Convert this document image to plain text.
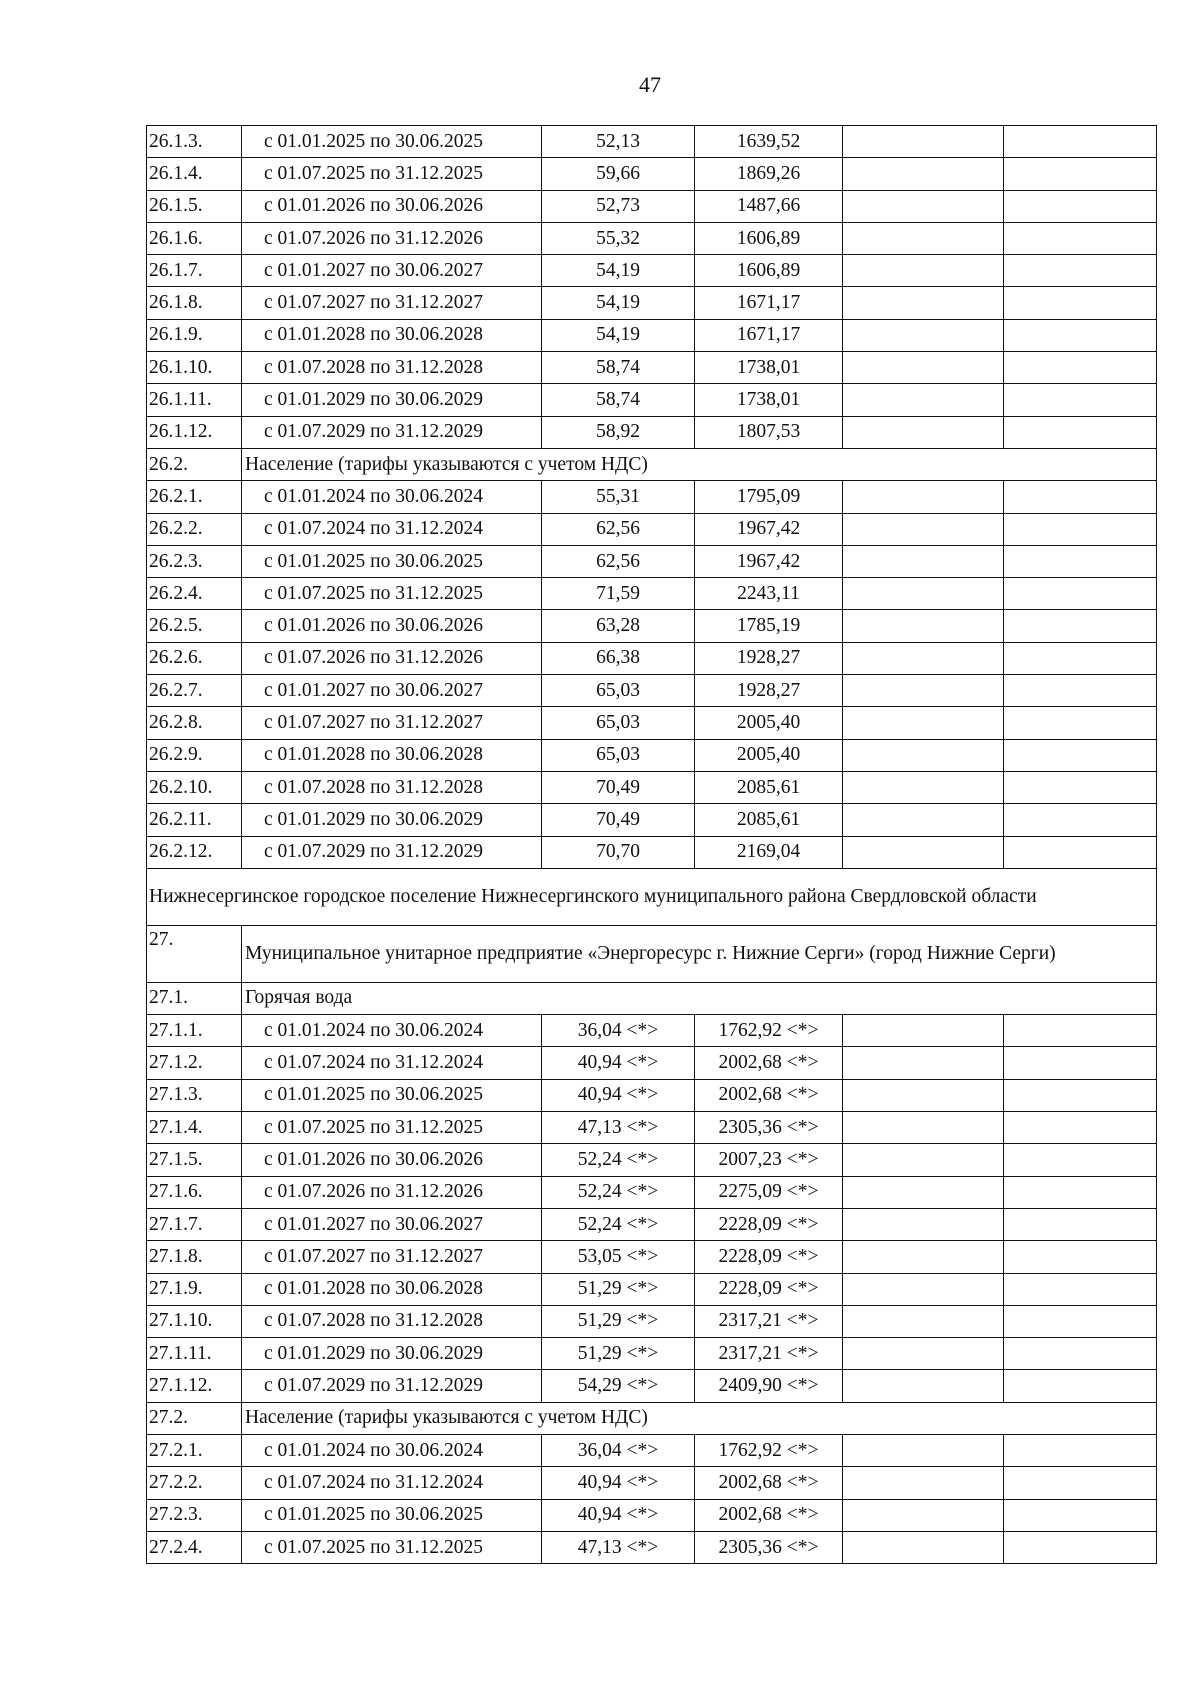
47
26.1.3.	с 01.01.2025 по 30.06.2025	52,13	1639,52		
26.1.4.	с 01.07.2025 по 31.12.2025	59,66	1869,26		
26.1.5.	с 01.01.2026 по 30.06.2026	52,73	1487,66		
26.1.6.	с 01.07.2026 по 31.12.2026	55,32	1606,89		
26.1.7.	с 01.01.2027 по 30.06.2027	54,19	1606,89		
26.1.8.	с 01.07.2027 по 31.12.2027	54,19	1671,17		
26.1.9.	с 01.01.2028 по 30.06.2028	54,19	1671,17		
26.1.10.	с 01.07.2028 по 31.12.2028	58,74	1738,01		
26.1.11.	с 01.01.2029 по 30.06.2029	58,74	1738,01		
26.1.12.	с 01.07.2029 по 31.12.2029	58,92	1807,53		
26.2.	Население (тарифы указываются с учетом НДС)				
26.2.1.	с 01.01.2024 по 30.06.2024	55,31	1795,09		
26.2.2.	с 01.07.2024 по 31.12.2024	62,56	1967,42		
26.2.3.	с 01.01.2025 по 30.06.2025	62,56	1967,42		
26.2.4.	с 01.07.2025 по 31.12.2025	71,59	2243,11		
26.2.5.	с 01.01.2026 по 30.06.2026	63,28	1785,19		
26.2.6.	с 01.07.2026 по 31.12.2026	66,38	1928,27		
26.2.7.	с 01.01.2027 по 30.06.2027	65,03	1928,27		
26.2.8.	с 01.07.2027 по 31.12.2027	65,03	2005,40		
26.2.9.	с 01.01.2028 по 30.06.2028	65,03	2005,40		
26.2.10.	с 01.07.2028 по 31.12.2028	70,49	2085,61		
26.2.11.	с 01.01.2029 по 30.06.2029	70,49	2085,61		
26.2.12.	с 01.07.2029 по 31.12.2029	70,70	2169,04		
Нижнесергинское городское поселение Нижнесергинского муниципального района Свердловской области					
27.	Муниципальное унитарное предприятие «Энергоресурс г. Нижние Серги» (город Нижние Серги)				
27.1.	Горячая вода				
27.1.1.	с 01.01.2024 по 30.06.2024	36,04 <*>	1762,92 <*>		
27.1.2.	с 01.07.2024 по 31.12.2024	40,94 <*>	2002,68 <*>		
27.1.3.	с 01.01.2025 по 30.06.2025	40,94 <*>	2002,68 <*>		
27.1.4.	с 01.07.2025 по 31.12.2025	47,13 <*>	2305,36 <*>		
27.1.5.	с 01.01.2026 по 30.06.2026	52,24 <*>	2007,23 <*>		
27.1.6.	с 01.07.2026 по 31.12.2026	52,24 <*>	2275,09 <*>		
27.1.7.	с 01.01.2027 по 30.06.2027	52,24 <*>	2228,09 <*>		
27.1.8.	с 01.07.2027 по 31.12.2027	53,05 <*>	2228,09 <*>		
27.1.9.	с 01.01.2028 по 30.06.2028	51,29 <*>	2228,09 <*>		
27.1.10.	с 01.07.2028 по 31.12.2028	51,29 <*>	2317,21 <*>		
27.1.11.	с 01.01.2029 по 30.06.2029	51,29 <*>	2317,21 <*>		
27.1.12.	с 01.07.2029 по 31.12.2029	54,29 <*>	2409,90 <*>		
27.2.	Население (тарифы указываются с учетом НДС)				
27.2.1.	с 01.01.2024 по 30.06.2024	36,04 <*>	1762,92 <*>		
27.2.2.	с 01.07.2024 по 31.12.2024	40,94 <*>	2002,68 <*>		
27.2.3.	с 01.01.2025 по 30.06.2025	40,94 <*>	2002,68 <*>		
27.2.4.	с 01.07.2025 по 31.12.2025	47,13 <*>	2305,36 <*>		
